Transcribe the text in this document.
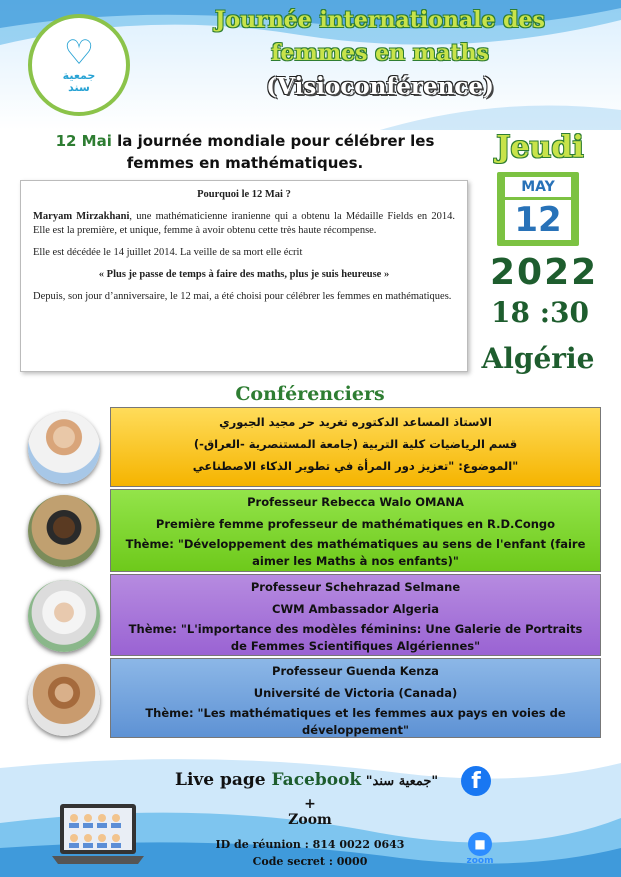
♡
جمعية
سند
Journée internationale des
femmes en maths
(Visioconférence)
12 Mai la journée mondiale pour célébrer les
femmes en mathématiques.
Pourquoi le 12 Mai ?

Maryam Mirzakhani, une mathématicienne iranienne qui a obtenu la Médaille Fields en 2014. Elle est la première, et unique, femme à avoir obtenu cette très haute récompense.

Elle est décédée le 14 juillet 2014. La veille de sa mort elle écrit

« Plus je passe de temps à faire des maths, plus je suis heureuse »

Depuis, son jour d’anniversaire, le 12 mai, a été choisi pour célébrer les femmes en mathématiques.

Jeudi
MAY
12
2022
18 :30
Algérie
Conférenciers

الاستاذ المساعد الدكتوره تغريد حر مجيد الجبوري

قسم الرياضيات كلية التربية (جامعة المستنصرية -العراق-)

الموضوع: "تعزيز دور المرأة في تطوير الذكاء الاصطناعي"

Professeur Rebecca Walo OMANA

Première femme professeur de mathématiques en R.D.Congo

Thème: "Développement des mathématiques au sens de l'enfant (faire aimer les Maths à nos enfants)"

Professeur Schehrazad Selmane

CWM Ambassador Algeria

Thème: "L'importance des modèles féminins: Une Galerie de Portraits de Femmes Scientifiques Algériennes"

Professeur Guenda Kenza

Université de Victoria (Canada)

Thème: "Les mathématiques et les femmes aux pays en voies de développement"

Live page Facebook "جمعية سند"	f
+
Zoom
ID de réunion : 814 0022 0643
Code secret : 0000
■
zoom
